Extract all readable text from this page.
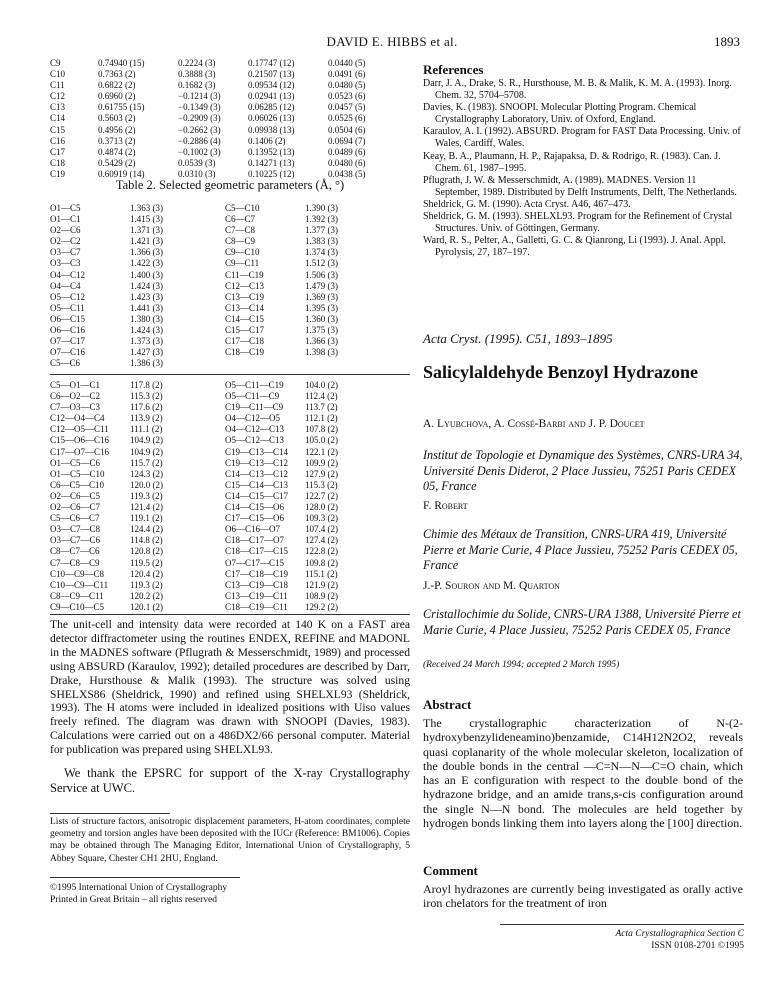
DAVID E. HIBBS et al.	1893
C9	0.74940 (15)	0.2224 (3)	0.17747 (12)	0.0440 (5)
C10	0.7363 (2)	0.3888 (3)	0.21507 (13)	0.0491 (6)
C11	0.6822 (2)	0.1682 (3)	0.09534 (12)	0.0480 (5)
C12	0.6960 (2)	−0.1214 (3)	0.02941 (13)	0.0523 (6)
C13	0.61755 (15)	−0.1349 (3)	0.06285 (12)	0.0457 (5)
C14	0.5603 (2)	−0.2909 (3)	0.06026 (13)	0.0525 (6)
C15	0.4956 (2)	−0.2662 (3)	0.09938 (13)	0.0504 (6)
C16	0.3713 (2)	−0.2886 (4)	0.1406 (2)	0.0694 (7)
C17	0.4874 (2)	−0.1002 (3)	0.13952 (13)	0.0489 (6)
C18	0.5429 (2)	0.0539 (3)	0.14271 (13)	0.0480 (6)
C19	0.60919 (14)	0.0310 (3)	0.10225 (12)	0.0438 (5)
Table 2. Selected geometric parameters (Å, °)
O1—C5	1.363 (3)	C5—C10	1.390 (3)
O1—C1	1.415 (3)	C6—C7	1.392 (3)
O2—C6	1.371 (3)	C7—C8	1.377 (3)
O2—C2	1.421 (3)	C8—C9	1.383 (3)
O3—C7	1.366 (3)	C9—C10	1.374 (3)
O3—C3	1.422 (3)	C9—C11	1.512 (3)
O4—C12	1.400 (3)	C11—C19	1.506 (3)
O4—C4	1.424 (3)	C12—C13	1.479 (3)
O5—C12	1.423 (3)	C13—C19	1.369 (3)
O5—C11	1.441 (3)	C13—C14	1.395 (3)
O6—C15	1.380 (3)	C14—C15	1.360 (3)
O6—C16	1.424 (3)	C15—C17	1.375 (3)
O7—C17	1.373 (3)	C17—C18	1.366 (3)
O7—C16	1.427 (3)	C18—C19	1.398 (3)
C5—C6	1.386 (3)		
C5—O1—C1	117.8 (2)	O5—C11—C19	104.0 (2)
C6—O2—C2	115.3 (2)	O5—C11—C9	112.4 (2)
C7—O3—C3	117.6 (2)	C19—C11—C9	113.7 (2)
C12—O4—C4	113.9 (2)	O4—C12—O5	112.1 (2)
C12—O5—C11	111.1 (2)	O4—C12—C13	107.8 (2)
C15—O6—C16	104.9 (2)	O5—C12—C13	105.0 (2)
C17—O7—C16	104.9 (2)	C19—C13—C14	122.1 (2)
O1—C5—C6	115.7 (2)	C19—C13—C12	109.9 (2)
O1—C5—C10	124.3 (2)	C14—C13—C12	127.9 (2)
C6—C5—C10	120.0 (2)	C15—C14—C13	115.3 (2)
O2—C6—C5	119.3 (2)	C14—C15—C17	122.7 (2)
O2—C6—C7	121.4 (2)	C14—C15—O6	128.0 (2)
C5—C6—C7	119.1 (2)	C17—C15—O6	109.3 (2)
O3—C7—C8	124.4 (2)	O6—C16—O7	107.4 (2)
O3—C7—C6	114.8 (2)	C18—C17—O7	127.4 (2)
C8—C7—C6	120.8 (2)	C18—C17—C15	122.8 (2)
C7—C8—C9	119.5 (2)	O7—C17—C15	109.8 (2)
C10—C9—C8	120.4 (2)	C17—C18—C19	115.1 (2)
C10—C9—C11	119.3 (2)	C13—C19—C18	121.9 (2)
C8—C9—C11	120.2 (2)	C13—C19—C11	108.9 (2)
C9—C10—C5	120.1 (2)	C18—C19—C11	129.2 (2)
The unit-cell and intensity data were recorded at 140 K on a FAST area detector diffractometer using the routines ENDEX, REFINE and MADONL in the MADNES software (Pflugrath & Messerschmidt, 1989) and processed using ABSURD (Karaulov, 1992); detailed procedures are described by Darr, Drake, Hursthouse & Malik (1993). The structure was solved using SHELXS86 (Sheldrick, 1990) and refined using SHELXL93 (Sheldrick, 1993). The H atoms were included in idealized positions with Uiso values freely refined. The diagram was drawn with SNOOPI (Davies, 1983). Calculations were carried out on a 486DX2/66 personal computer. Material for publication was prepared using SHELXL93.
We thank the EPSRC for support of the X-ray Crystallography Service at UWC.
Lists of structure factors, anisotropic displacement parameters, H-atom coordinates, complete geometry and torsion angles have been deposited with the IUCr (Reference: BM1006). Copies may be obtained through The Managing Editor, International Union of Crystallography, 5 Abbey Square, Chester CH1 2HU, England.
©1995 International Union of Crystallography
Printed in Great Britain – all rights reserved
References

Darr, J. A., Drake, S. R., Hursthouse, M. B. & Malik, K. M. A. (1993). Inorg. Chem. 32, 5704–5708.

Davies, K. (1983). SNOOPI. Molecular Plotting Program. Chemical Crystallography Laboratory, Univ. of Oxford, England.

Karaulov, A. I. (1992). ABSURD. Program for FAST Data Processing. Univ. of Wales, Cardiff, Wales.

Keay, B. A., Plaumann, H. P., Rajapaksa, D. & Rodrigo, R. (1983). Can. J. Chem. 61, 1987–1995.

Pflugrath, J. W. & Messerschmidt, A. (1989). MADNES. Version 11 September, 1989. Distributed by Delft Instruments, Delft, The Netherlands.

Sheldrick, G. M. (1990). Acta Cryst. A46, 467–473.

Sheldrick, G. M. (1993). SHELXL93. Program for the Refinement of Crystal Structures. Univ. of Göttingen, Germany.

Ward, R. S., Pelter, A., Galletti, G. C. & Qianrong, Li (1993). J. Anal. Appl. Pyrolysis, 27, 187–197.

Acta Cryst. (1995). C51, 1893–1895
Salicylaldehyde Benzoyl Hydrazone
A. Lyubchova, A. Cossé-Barbi and J. P. Doucet
Institut de Topologie et Dynamique des Systèmes, CNRS-URA 34, Université Denis Diderot, 2 Place Jussieu, 75251 Paris CEDEX 05, France
F. Robert
Chimie des Métaux de Transition, CNRS-URA 419, Université Pierre et Marie Curie, 4 Place Jussieu, 75252 Paris CEDEX 05, France
J.-P. Souron and M. Quarton
Cristallochimie du Solide, CNRS-URA 1388, Université Pierre et Marie Curie, 4 Place Jussieu, 75252 Paris CEDEX 05, France
(Received 24 March 1994; accepted 2 March 1995)
Abstract
The crystallographic characterization of N-(2-hydroxybenzylideneamino)benzamide, C14H12N2O2, reveals quasi coplanarity of the whole molecular skeleton, localization of the double bonds in the central —C=N—N—C=O chain, which has an E configuration with respect to the double bond of the hydrazone bridge, and an amide trans,s-cis configuration around the single N—N bond. The molecules are held together by hydrogen bonds linking them into layers along the [100] direction.
Comment
Aroyl hydrazones are currently being investigated as orally active iron chelators for the treatment of iron
Acta Crystallographica Section C
ISSN 0108-2701 ©1995
